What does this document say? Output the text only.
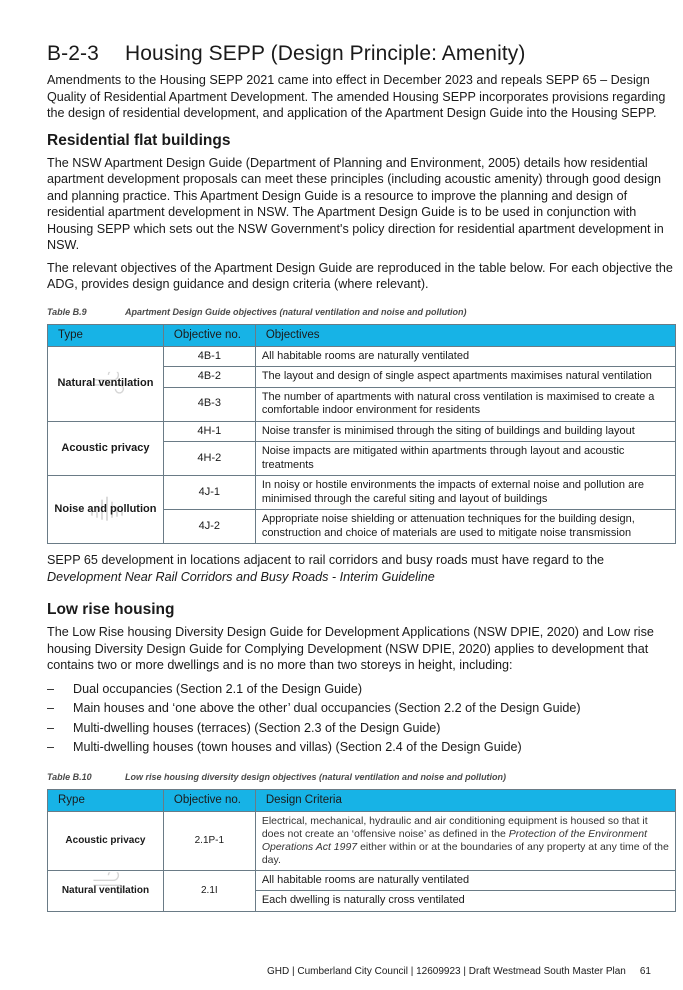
B-2-3 Housing SEPP (Design Principle: Amenity)

Amendments to the Housing SEPP 2021 came into effect in December 2023 and repeals SEPP 65 – Design Quality of Residential Apartment Development. The amended Housing SEPP incorporates provisions regarding the design of residential development, and application of the Apartment Design Guide into the Housing SEPP.

Residential flat buildings

The NSW Apartment Design Guide (Department of Planning and Environment, 2005) details how residential apartment development proposals can meet these principles (including acoustic amenity) through good design and planning practice. This Apartment Design Guide is a resource to improve the planning and design of residential apartment development in NSW. The Apartment Design Guide is to be used in conjunction with Housing SEPP which sets out the NSW Government's policy direction for residential apartment development in NSW.

The relevant objectives of the Apartment Design Guide are reproduced in the table below. For each objective the ADG, provides design guidance and design criteria (where relevant).

Table B.9	Apartment Design Guide objectives (natural ventilation and noise and pollution)
Type	Objective no.	Objectives

Natural ventilation	4B-1	All habitable rooms are naturally ventilated
	4B-2	The layout and design of single aspect apartments maximises natural ventilation
	4B-3	The number of apartments with natural cross ventilation is maximised to create a comfortable indoor environment for residents
Acoustic privacy	4H-1	Noise transfer is minimised through the siting of buildings and building layout
	4H-2	Noise impacts are mitigated within apartments through layout and acoustic treatments

Noise and pollution	4J-1	In noisy or hostile environments the impacts of external noise and pollution are minimised through the careful siting and layout of buildings
	4J-2	Appropriate noise shielding or attenuation techniques for the building design, construction and choice of materials are used to mitigate noise transmission

SEPP 65 development in locations adjacent to rail corridors and busy roads must have regard to the Development Near Rail Corridors and Busy Roads - Interim Guideline

Low rise housing

The Low Rise housing Diversity Design Guide for Development Applications (NSW DPIE, 2020) and Low rise housing Diversity Design Guide for Complying Development (NSW DPIE, 2020) applies to development that contains two or more dwellings and is no more than two storeys in height, including:

– Dual occupancies (Section 2.1 of the Design Guide)
– Main houses and ‘one above the other’ dual occupancies (Section 2.2 of the Design Guide)
– Multi-dwelling houses (terraces) (Section 2.3 of the Design Guide)
– Multi-dwelling houses (town houses and villas) (Section 2.4 of the Design Guide)
Table B.10	Low rise housing diversity design objectives (natural ventilation and noise and pollution)
Rype	Objective no.	Design Criteria
Acoustic privacy	2.1P-1	Electrical, mechanical, hydraulic and air conditioning equipment is housed so that it does not create an ‘offensive noise’ as defined in the Protection of the Environment Operations Act 1997 either within or at the boundaries of any property at any time of the day.

Natural ventilation	2.1I	All habitable rooms are naturally ventilated
		Each dwelling is naturally cross ventilated
GHD | Cumberland City Council | 12609923 | Draft Westmead South Master Plan 61
